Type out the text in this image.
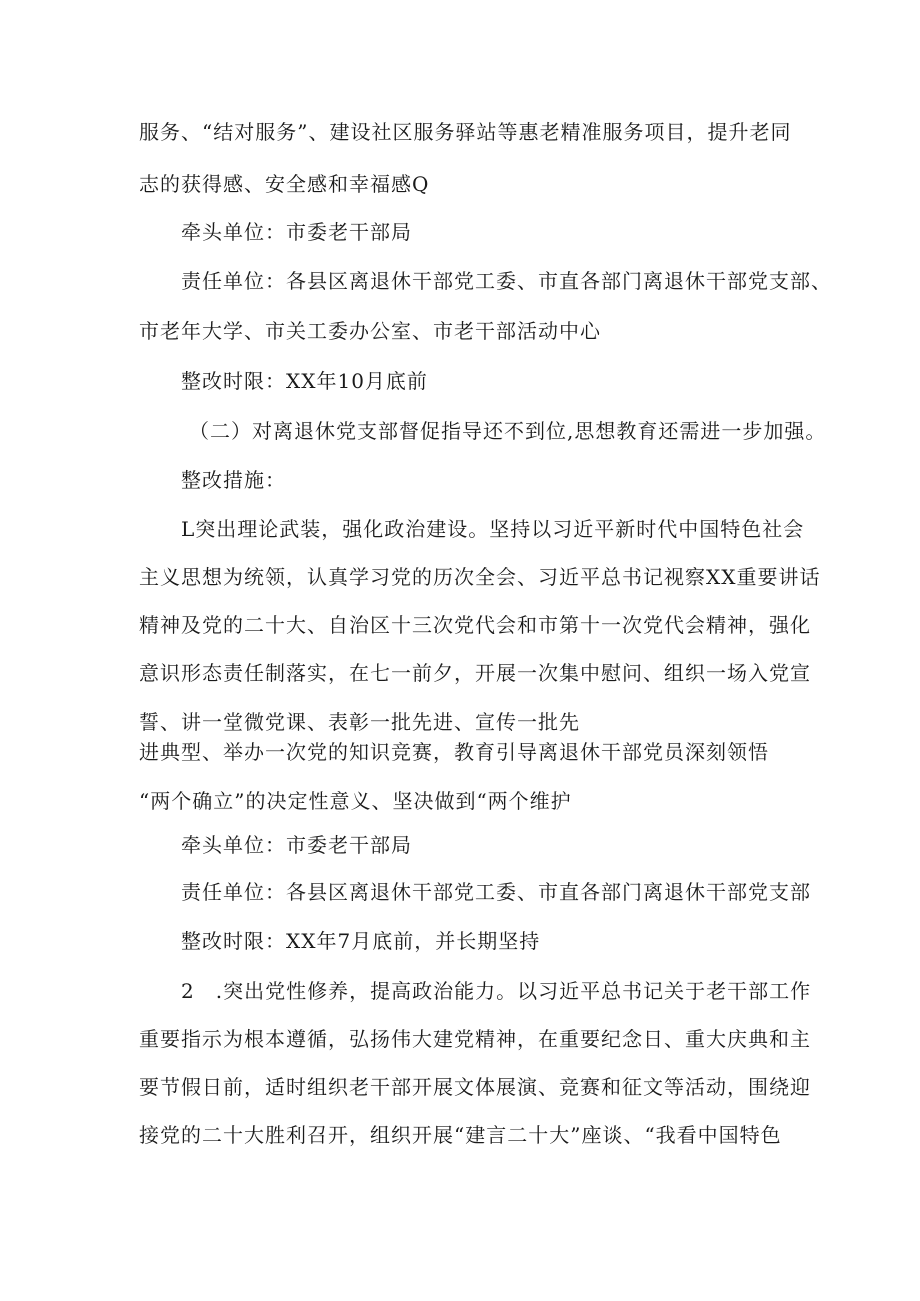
服务、“结对服务”、建设社区服务驿站等惠老精准服务项目，提升老同
志的获得感、安全感和幸福感Q
牵头单位：市委老干部局
责任单位：各县区离退休干部党工委、市直各部门离退休干部党支部、
市老年大学、市关工委办公室、市老干部活动中心
整改时限：XX年10月底前
（二）对离退休党支部督促指导还不到位,思想教育还需进一步加强。
整改措施：
L突出理论武装，强化政治建设。坚持以习近平新时代中国特色社会
主义思想为统领，认真学习党的历次全会、习近平总书记视察XX重要讲话
精神及党的二十大、自治区十三次党代会和市第十一次党代会精神，强化
意识形态责任制落实，在七一前夕，开展一次集中慰问、组织一场入党宣
誓、讲一堂微党课、表彰一批先进、宣传一批先
进典型、举办一次党的知识竞赛，教育引导离退休干部党员深刻领悟
“两个确立”的决定性意义、坚决做到“两个维护
牵头单位：市委老干部局
责任单位：各县区离退休干部党工委、市直各部门离退休干部党支部
整改时限：XX年7月底前，并长期坚持
2　.突出党性修养，提高政治能力。以习近平总书记关于老干部工作
重要指示为根本遵循，弘扬伟大建党精神，在重要纪念日、重大庆典和主
要节假日前，适时组织老干部开展文体展演、竞赛和征文等活动，围绕迎
接党的二十大胜利召开，组织开展“建言二十大”座谈、“我看中国特色
